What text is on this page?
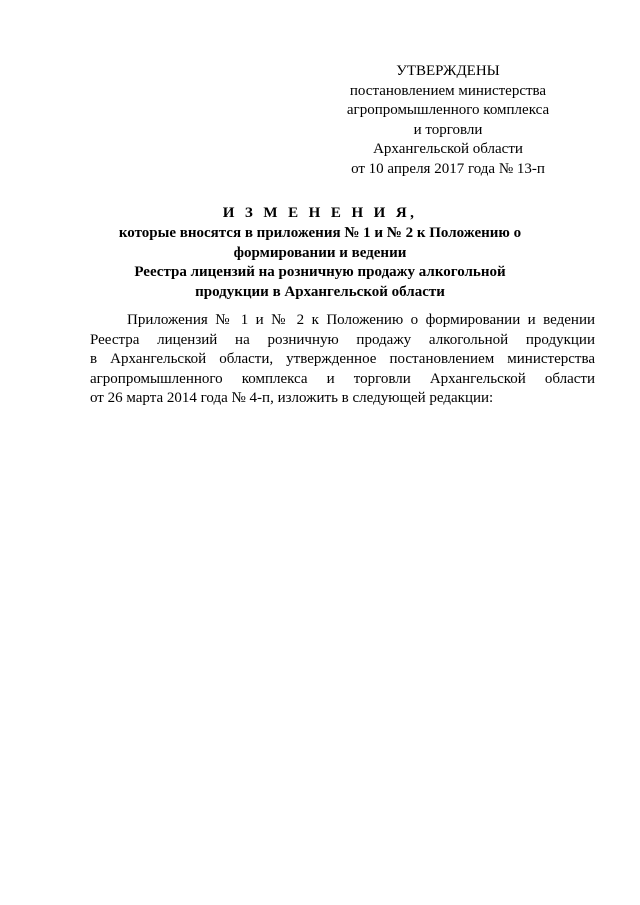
УТВЕРЖДЕНЫ
постановлением министерства
агропромышленного комплекса
и торговли
Архангельской области
от 10 апреля 2017 года № 13-п
И З М Е Н Е Н И Я,
которые вносятся в приложения № 1 и № 2 к Положению о
формировании и ведении
Реестра лицензий на розничную продажу алкогольной
продукции в Архангельской области
Приложения № 1 и № 2 к Положению о формировании и ведении
Реестра лицензий на розничную продажу алкогольной продукции
в Архангельской области, утвержденное постановлением министерства
агропромышленного комплекса и торговли Архангельской области
от 26 марта 2014 года № 4-п, изложить в следующей редакции:
